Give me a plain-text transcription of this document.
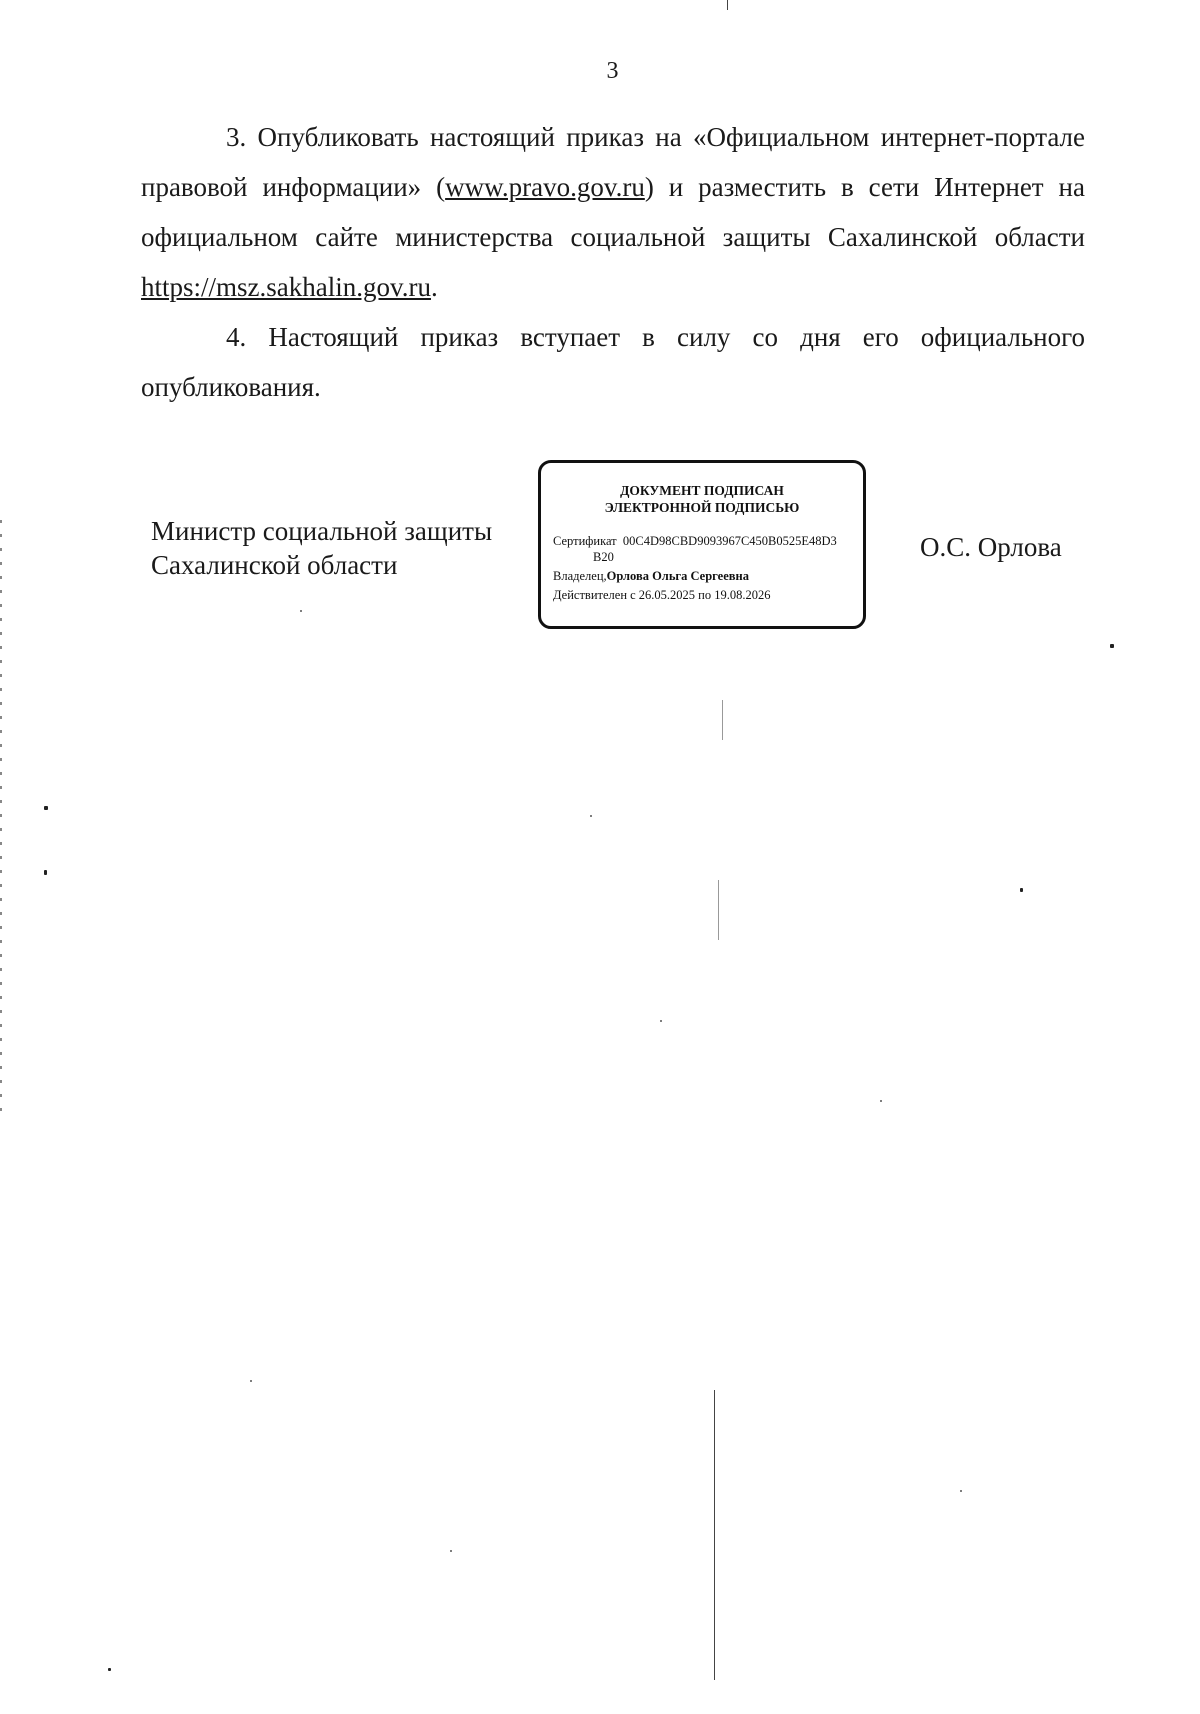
3

3. Опубликовать настоящий приказ на «Официальном интернет-портале правовой информации» (www.pravo.gov.ru) и разместить в сети Интернет на официальном сайте министерства социальной защиты Сахалинской области https://msz.sakhalin.gov.ru.

4. Настоящий приказ вступает в силу со дня его официального опубликования.

Министр социальной защиты
Сахалинской области
ДОКУМЕНТ ПОДПИСАН
ЭЛЕКТРОННОЙ ПОДПИСЬЮ
Сертификат 00C4D98CBD9093967C450B0525E48D3
B20
Владелец,Орлова Ольга Сергеевна
Действителен с 26.05.2025 по 19.08.2026
О.С. Орлова
